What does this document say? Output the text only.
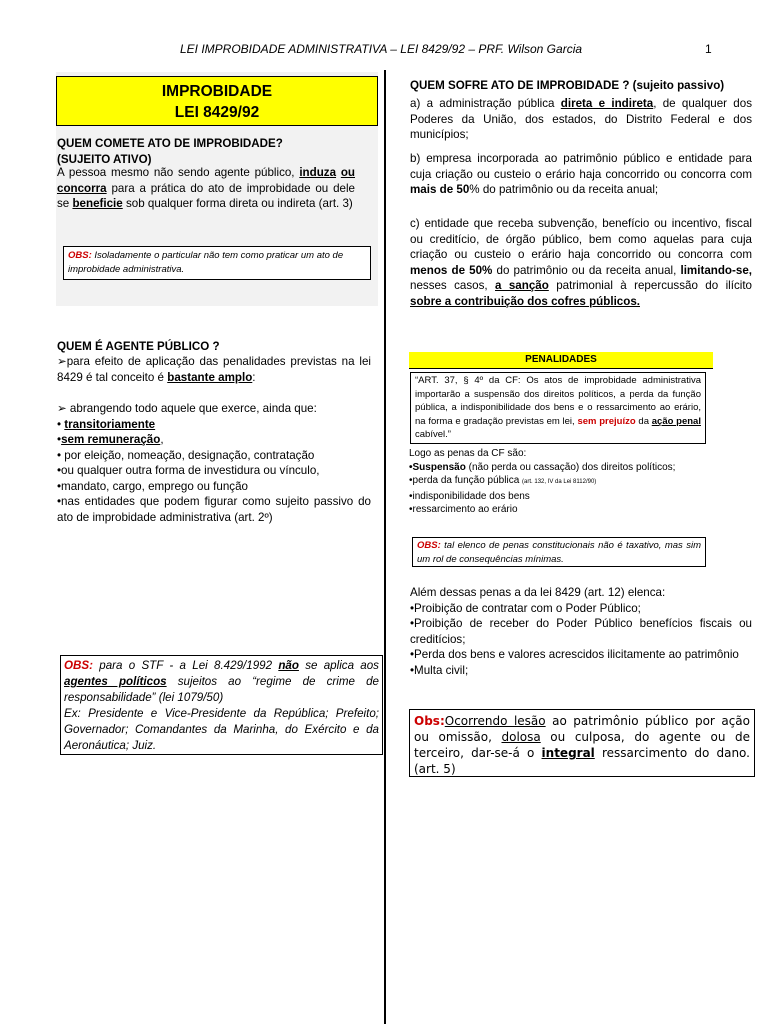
LEI IMPROBIDADE ADMINISTRATIVA – LEI 8429/92 – PRF. Wilson Garcia	1
IMPROBIDADE
LEI 8429/92
QUEM COMETE ATO DE IMPROBIDADE?
(SUJEITO ATIVO)
A pessoa mesmo não sendo agente público, induza ou concorra para a prática do ato de improbidade ou dele se beneficie sob qualquer forma direta ou indireta (art. 3)
OBS: Isoladamente o particular não tem como praticar um ato de improbidade administrativa.
QUEM É AGENTE PÚBLICO ?
➢para efeito de aplicação das penalidades previstas na lei 8429 é tal conceito é bastante amplo:
➢ abrangendo todo aquele que exerce, ainda que:
• transitoriamente
•sem remuneração,
• por eleição, nomeação, designação, contratação
•ou qualquer outra forma de investidura ou vínculo,
•mandato, cargo, emprego ou função
•nas entidades que podem figurar como sujeito passivo do ato de improbidade administrativa (art. 2º)
OBS: para o STF - a Lei 8.429/1992 não se aplica aos agentes políticos sujeitos ao “regime de crime de responsabilidade” (lei 1079/50)
Ex: Presidente e Vice-Presidente da República; Prefeito; Governador; Comandantes da Marinha, do Exército e da Aeronáutica; Juiz.
QUEM SOFRE ATO DE IMPROBIDADE ? (sujeito passivo)
a) a administração pública direta e indireta, de qualquer dos Poderes da União, dos estados, do Distrito Federal e dos municípios;
b) empresa incorporada ao patrimônio público e entidade para cuja criação ou custeio o erário haja concorrido ou concorra com mais de 50% do patrimônio ou da receita anual;
c) entidade que receba subvenção, benefício ou incentivo, fiscal ou creditício, de órgão público, bem como aquelas para cuja criação ou custeio o erário haja concorrido ou concorra com menos de 50% do patrimônio ou da receita anual, limitando-se, nesses casos, a sanção patrimonial à repercussão do ilícito sobre a contribuição dos cofres públicos.
PENALIDADES
“ART. 37, § 4º da CF: Os atos de improbidade administrativa importarão a suspensão dos direitos políticos, a perda da função pública, a indisponibilidade dos bens e o ressarcimento ao erário, na forma e gradação previstas em lei, sem prejuízo da ação penal cabível.”
Logo as penas da CF são:
•Suspensão (não perda ou cassação) dos direitos políticos;
•perda da função pública (art. 132, IV da Lei 8112/90)
•indisponibilidade dos bens
•ressarcimento ao erário
OBS: tal elenco de penas constitucionais não é taxativo, mas sim um rol de consequências mínimas.
Além dessas penas a da lei 8429 (art. 12) elenca:
•Proibição de contratar com o Poder Público;
•Proibição de receber do Poder Público benefícios fiscais ou creditícios;
•Perda dos bens e valores acrescidos ilicitamente ao patrimônio
•Multa civil;
Obs:Ocorrendo lesão ao patrimônio público por ação ou omissão, dolosa ou culposa, do agente ou de terceiro, dar-se-á o integral ressarcimento do dano.(art. 5)
